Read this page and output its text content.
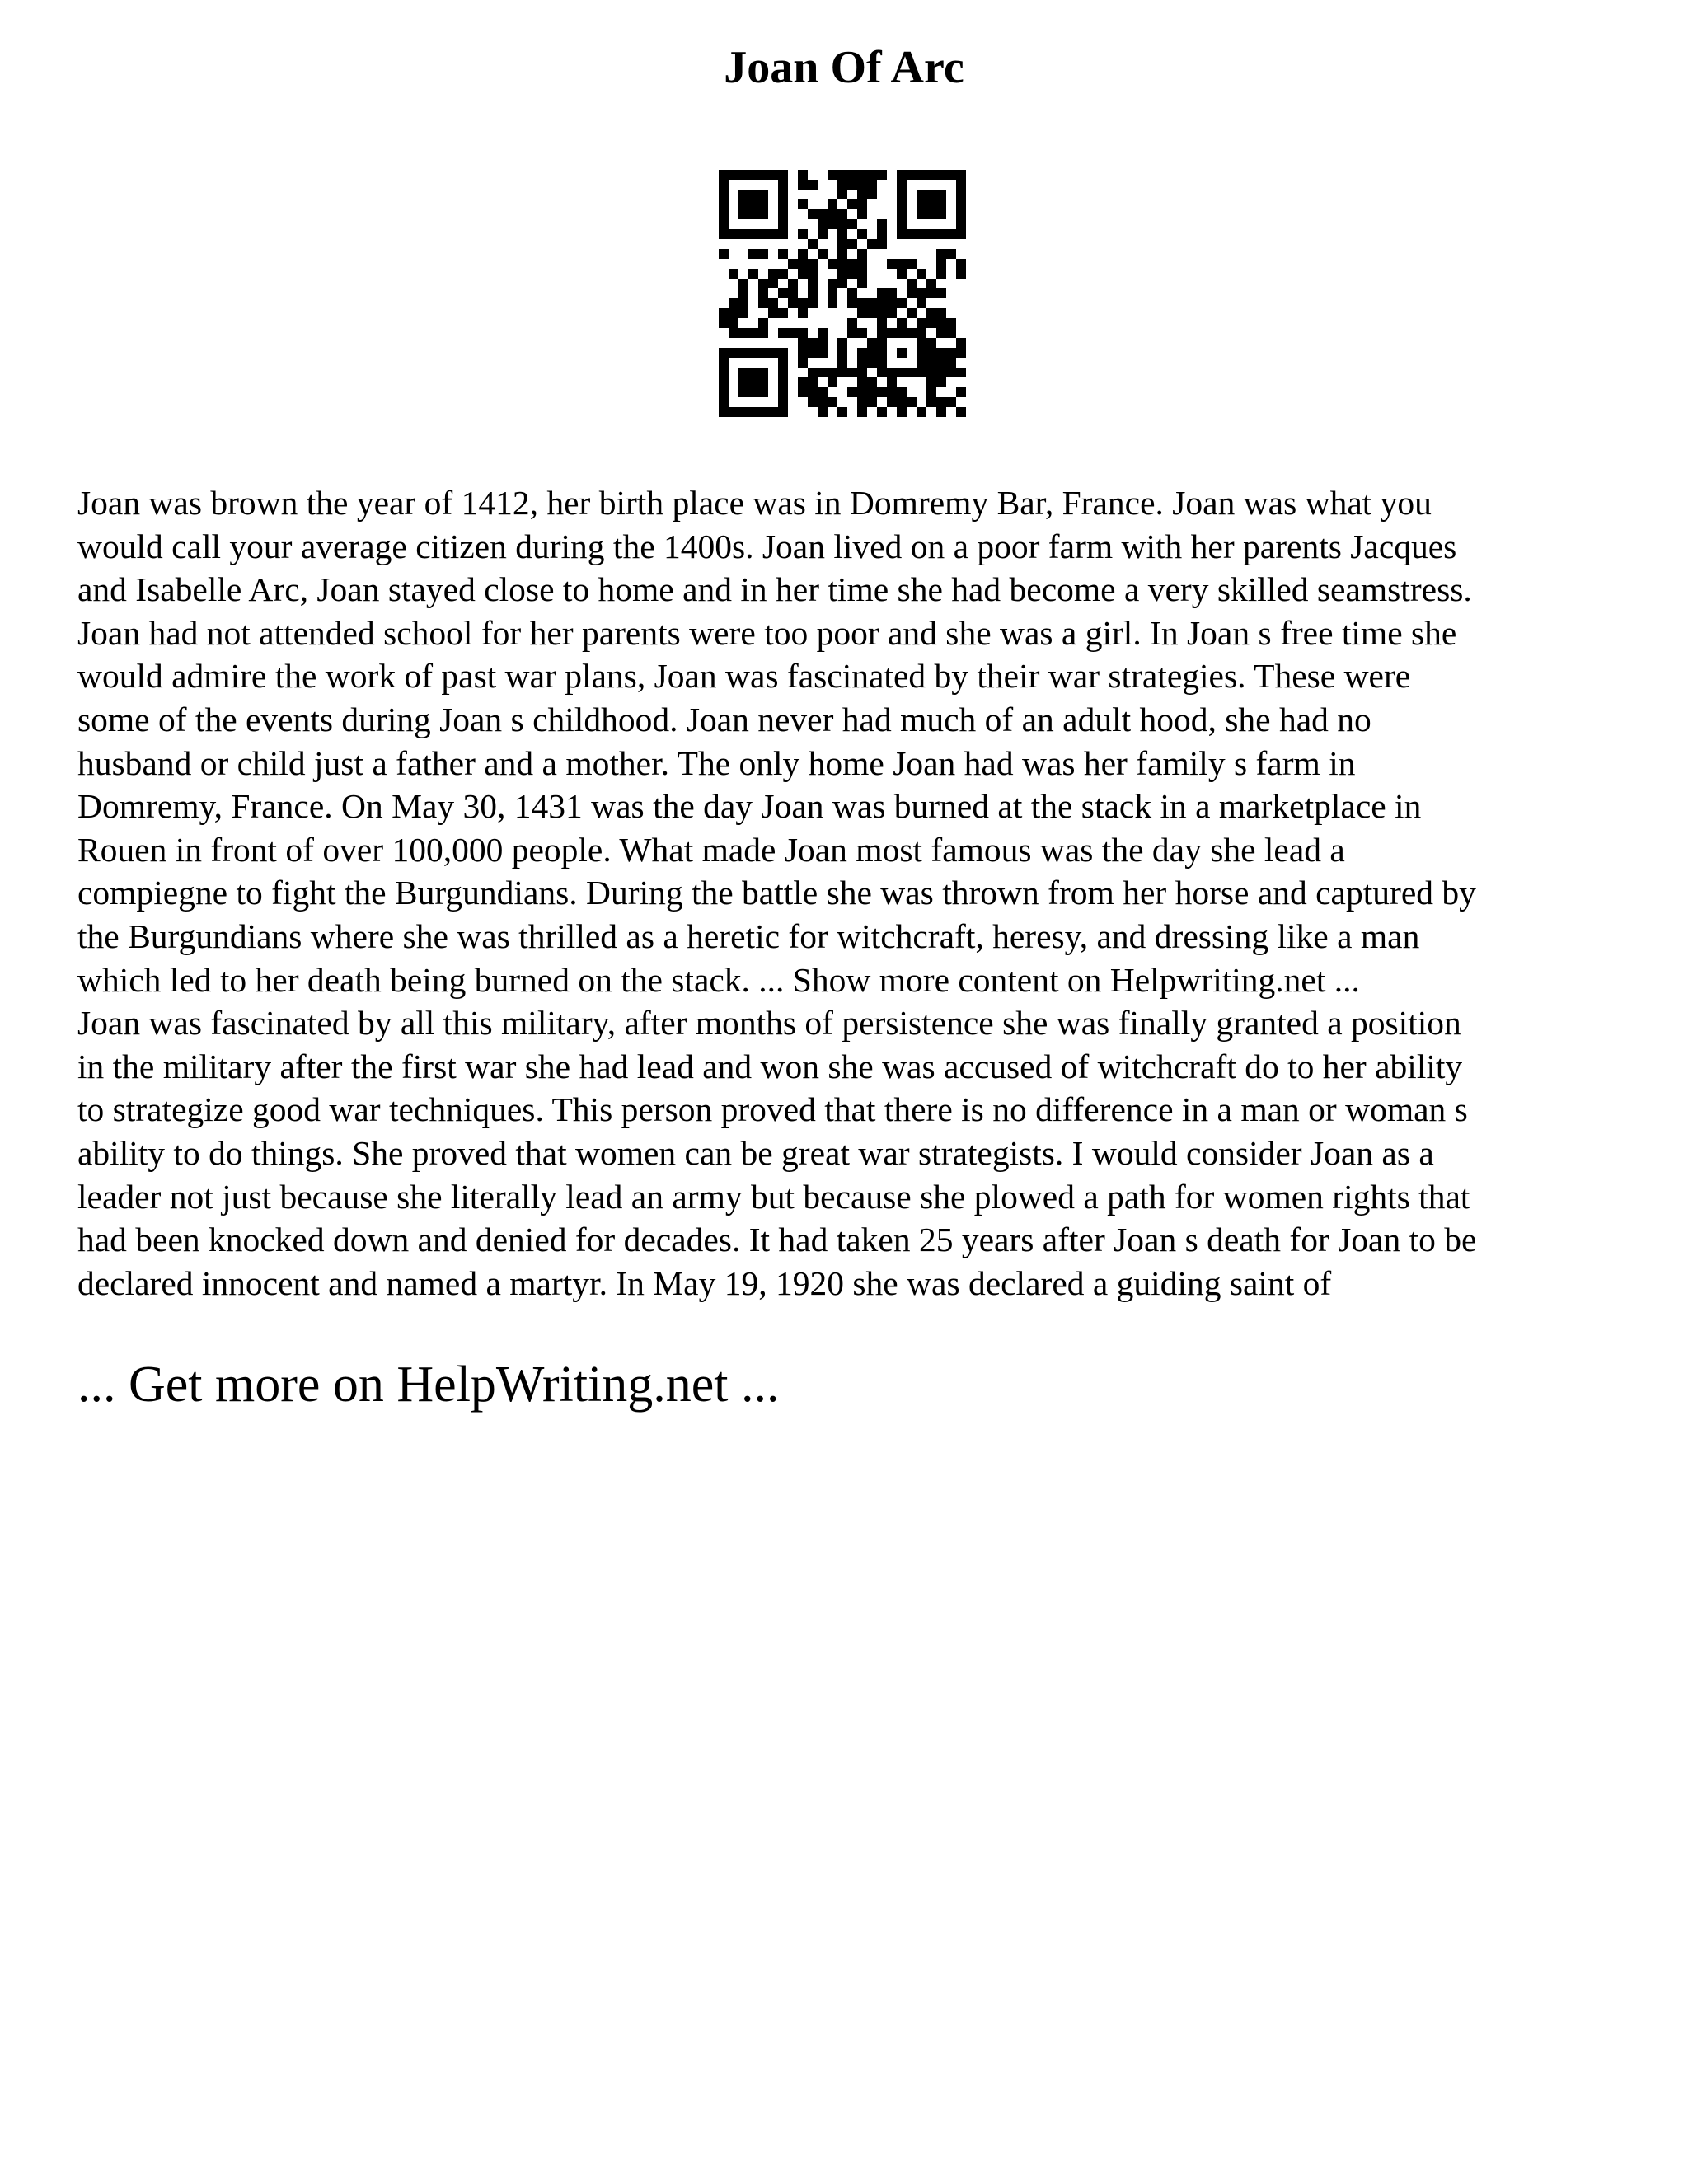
Joan Of Arc
Joan was brown the year of 1412, her birth place was in Domremy Bar, France. Joan was what you
would call your average citizen during the 1400s. Joan lived on a poor farm with her parents Jacques
and Isabelle Arc, Joan stayed close to home and in her time she had become a very skilled seamstress.
Joan had not attended school for her parents were too poor and she was a girl. In Joan s free time she
would admire the work of past war plans, Joan was fascinated by their war strategies. These were
some of the events during Joan s childhood. Joan never had much of an adult hood, she had no
husband or child just a father and a mother. The only home Joan had was her family s farm in
Domremy, France. On May 30, 1431 was the day Joan was burned at the stack in a marketplace in
Rouen in front of over 100,000 people. What made Joan most famous was the day she lead a
compiegne to fight the Burgundians. During the battle she was thrown from her horse and captured by
the Burgundians where she was thrilled as a heretic for witchcraft, heresy, and dressing like a man
which led to her death being burned on the stack. ... Show more content on Helpwriting.net ...
Joan was fascinated by all this military, after months of persistence she was finally granted a position
in the military after the first war she had lead and won she was accused of witchcraft do to her ability
to strategize good war techniques. This person proved that there is no difference in a man or woman s
ability to do things. She proved that women can be great war strategists. I would consider Joan as a
leader not just because she literally lead an army but because she plowed a path for women rights that
had been knocked down and denied for decades. It had taken 25 years after Joan s death for Joan to be
declared innocent and named a martyr. In May 19, 1920 she was declared a guiding saint of

... Get more on HelpWriting.net ...
